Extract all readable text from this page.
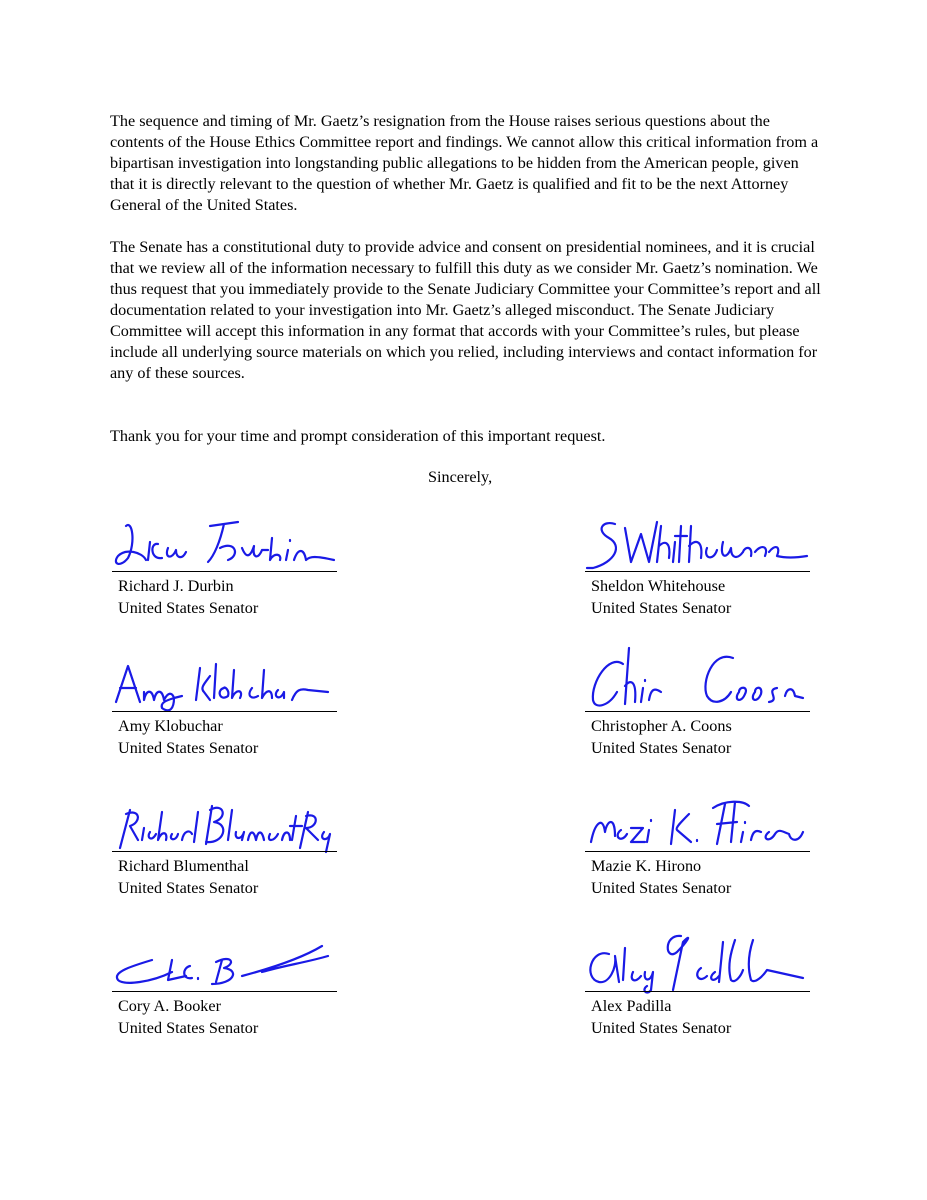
The sequence and timing of Mr. Gaetz’s resignation from the House raises serious questions about the contents of the House Ethics Committee report and findings. We cannot allow this critical information from a bipartisan investigation into longstanding public allegations to be hidden from the American people, given that it is directly relevant to the question of whether Mr. Gaetz is qualified and fit to be the next Attorney General of the United States.

The Senate has a constitutional duty to provide advice and consent on presidential nominees, and it is crucial that we review all of the information necessary to fulfill this duty as we consider Mr. Gaetz’s nomination. We thus request that you immediately provide to the Senate Judiciary Committee your Committee’s report and all documentation related to your investigation into Mr. Gaetz’s alleged misconduct. The Senate Judiciary Committee will accept this information in any format that accords with your Committee’s rules, but please include all underlying source materials on which you relied, including interviews and contact information for any of these sources.

Thank you for your time and prompt consideration of this important request.

Sincerely,
Richard J. Durbin
United States Senator
Sheldon Whitehouse
United States Senator
Amy Klobuchar
United States Senator
Christopher A. Coons
United States Senator
Richard Blumenthal
United States Senator
Mazie K. Hirono
United States Senator
Cory A. Booker
United States Senator
Alex Padilla
United States Senator
